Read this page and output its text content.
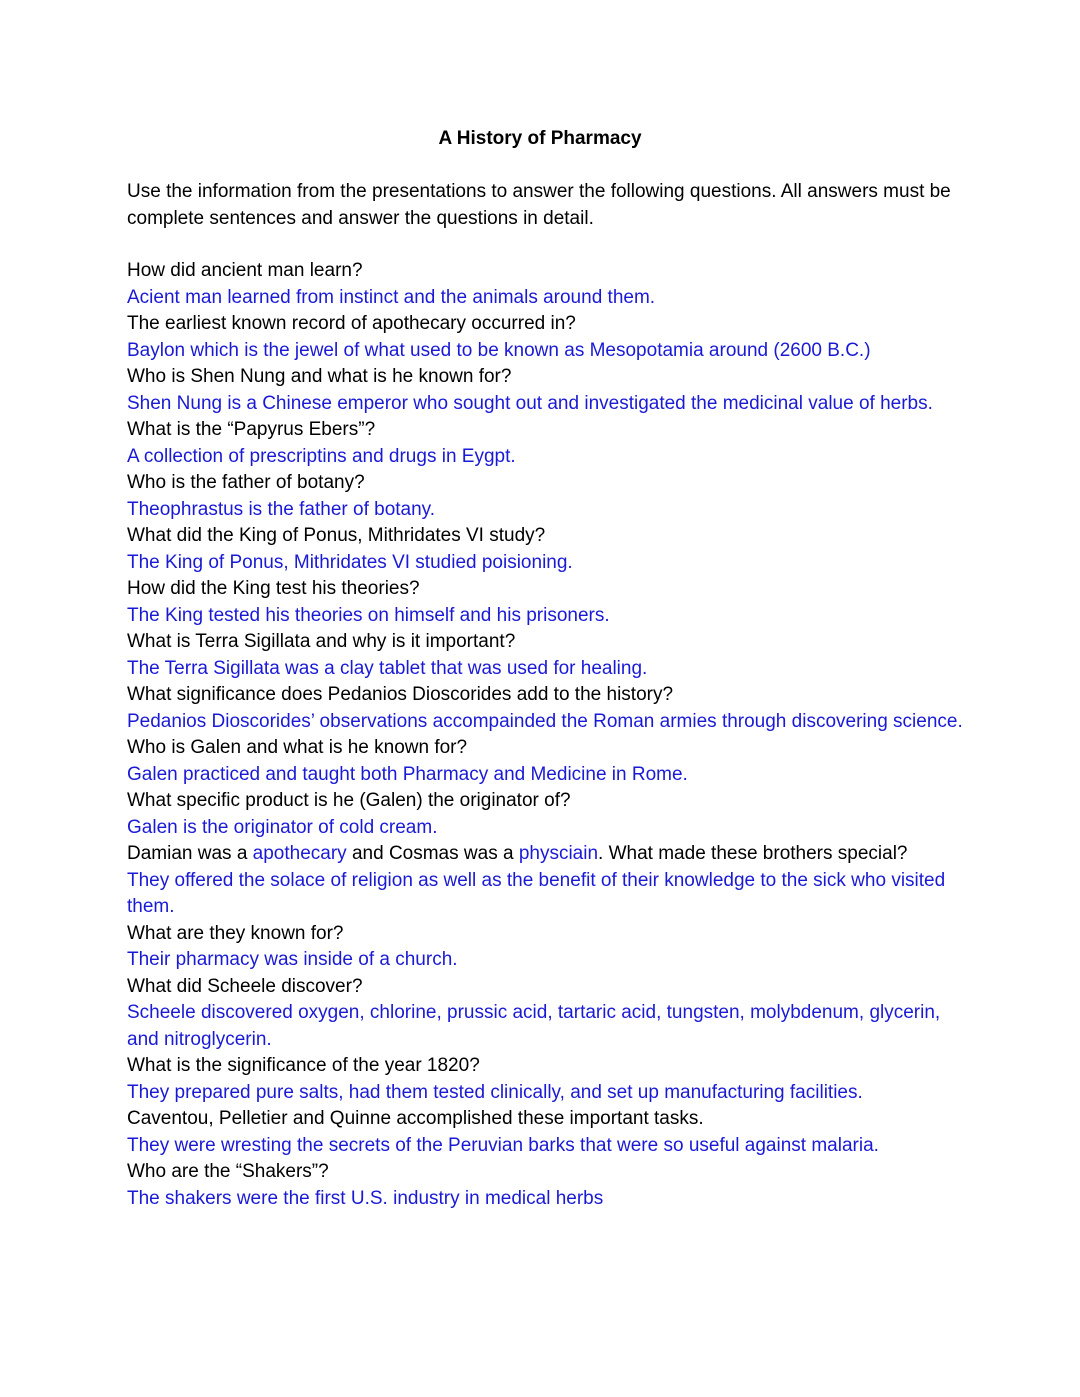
A History of Pharmacy
Use the information from the presentations to answer the following questions. All answers must be complete sentences and answer the questions in detail.
How did ancient man learn?
Acient man learned from instinct and the animals around them.
The earliest known record of apothecary occurred in?
Baylon which is the jewel of what used to be known as Mesopotamia around (2600 B.C.)
Who is Shen Nung and what is he known for?
Shen Nung is a Chinese emperor who sought out and investigated the medicinal value of herbs.
What is the “Papyrus Ebers”?
A collection of prescriptins and drugs in Eygpt.
Who is the father of botany?
Theophrastus is the father of botany.
What did the King of Ponus, Mithridates VI study?
The King of Ponus, Mithridates VI studied poisioning.
How did the King test his theories?
The King tested his theories on himself and his prisoners.
What is Terra Sigillata and why is it important?
The Terra Sigillata was a clay tablet that was used for healing.
What significance does Pedanios Dioscorides add to the history?
Pedanios Dioscorides’ observations accompainded the Roman armies through discovering science.
Who is Galen and what is he known for?
Galen practiced and taught both Pharmacy and Medicine in Rome.
What specific product is he (Galen) the originator of?
Galen is the originator of cold cream.
Damian was a apothecary and Cosmas was a physciain. What made these brothers special?
They offered the solace of religion as well as the benefit of their knowledge to the sick who visited them.
What are they known for?
Their pharmacy was inside of a church.
What did Scheele discover?
Scheele discovered oxygen, chlorine, prussic acid, tartaric acid, tungsten, molybdenum, glycerin, and nitroglycerin.
What is the significance of the year 1820?
They prepared pure salts, had them tested clinically, and set up manufacturing facilities.
Caventou, Pelletier and Quinne accomplished these important tasks.
They were wresting the secrets of the Peruvian barks that were so useful against malaria.
Who are the “Shakers”?
The shakers were the first U.S. industry in medical herbs
